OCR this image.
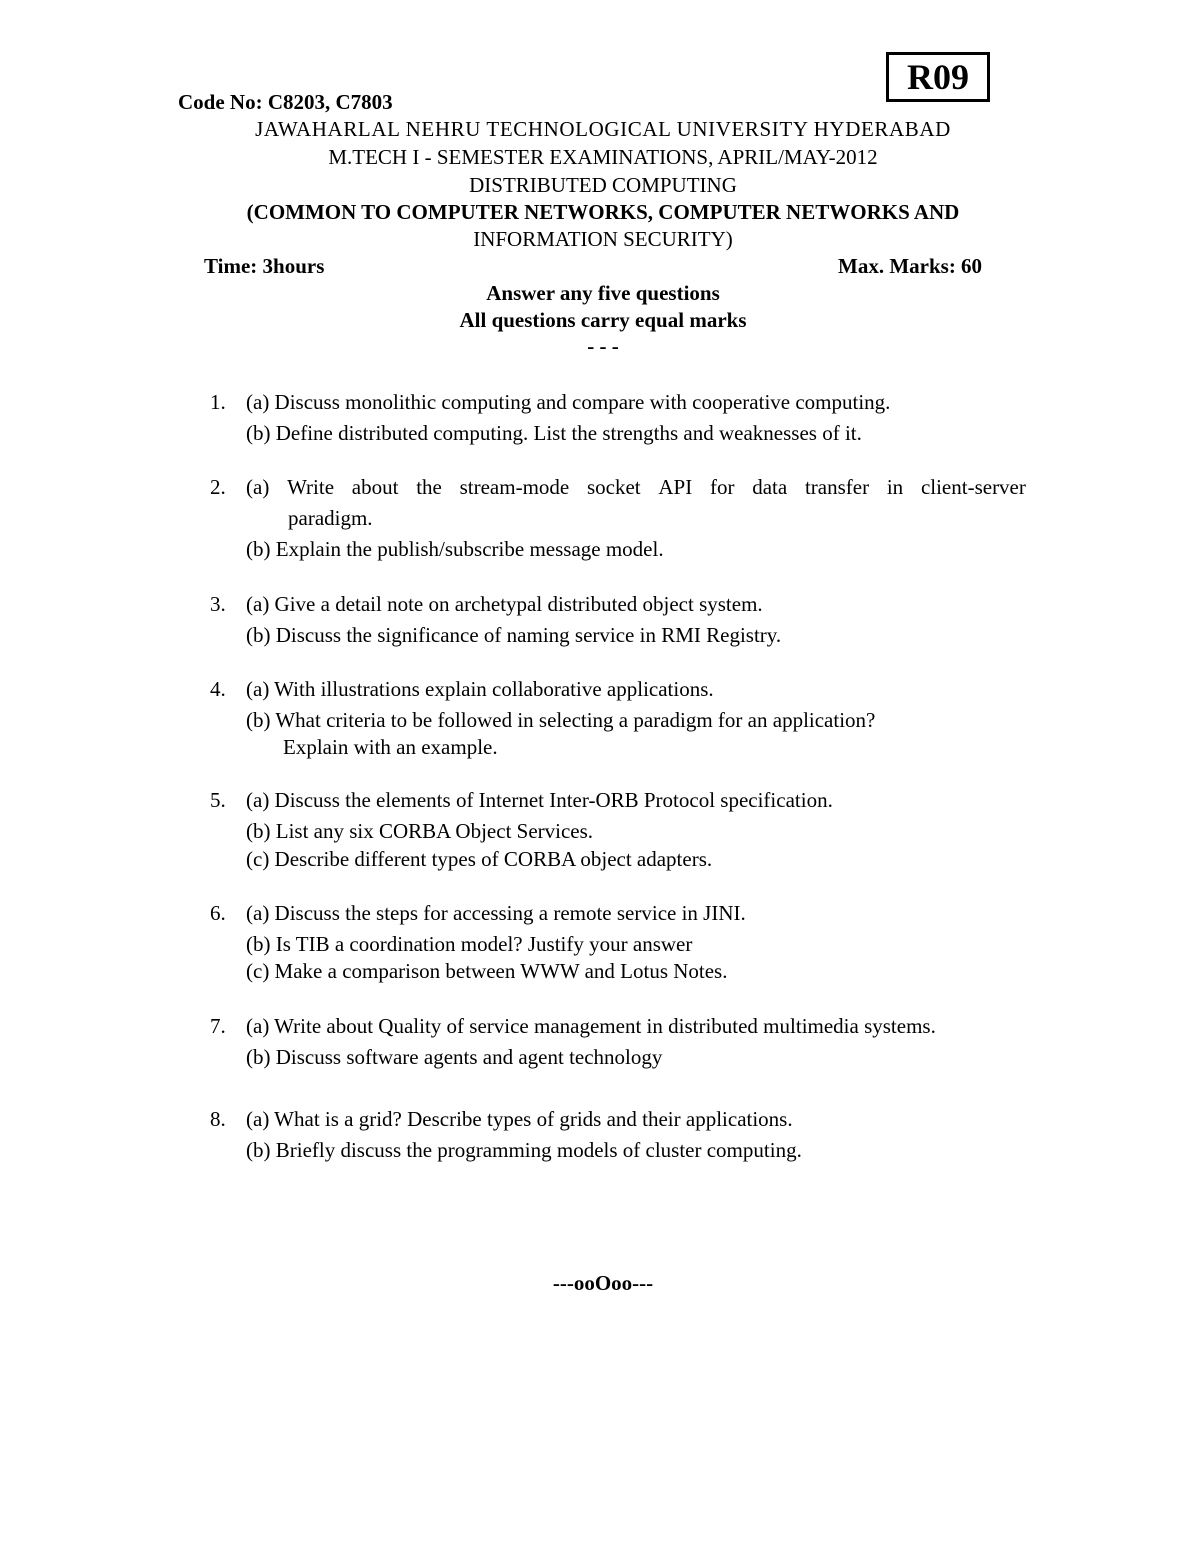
R09
Code No: C8203, C7803
JAWAHARLAL NEHRU TECHNOLOGICAL UNIVERSITY HYDERABAD
M.TECH I - SEMESTER EXAMINATIONS, APRIL/MAY-2012
DISTRIBUTED COMPUTING
(COMMON TO COMPUTER NETWORKS, COMPUTER NETWORKS AND
INFORMATION SECURITY)
Time: 3hours	Max. Marks: 60
Answer any five questions
All questions carry equal marks
- - -
1. (a) Discuss monolithic computing and compare with cooperative computing.
(b) Define distributed computing. List the strengths and weaknesses of it.
2. (a) Write about the stream-mode socket API for data transfer in client-server
paradigm.
(b) Explain the publish/subscribe message model.
3. (a) Give a detail note on archetypal distributed object system.
(b) Discuss the significance of naming service in RMI Registry.
4. (a) With illustrations explain collaborative applications.
(b) What criteria to be followed in selecting a paradigm for an application?
Explain with an example.
5. (a) Discuss the elements of Internet Inter-ORB Protocol specification.
(b) List any six CORBA Object Services.
(c) Describe different types of CORBA object adapters.
6. (a) Discuss the steps for accessing a remote service in JINI.
(b) Is TIB a coordination model? Justify your answer
(c) Make a comparison between WWW and Lotus Notes.
7. (a) Write about Quality of service management in distributed multimedia systems.
(b) Discuss software agents and agent technology
8. (a) What is a grid? Describe types of grids and their applications.
(b) Briefly discuss the programming models of cluster computing.
---ooOoo---
